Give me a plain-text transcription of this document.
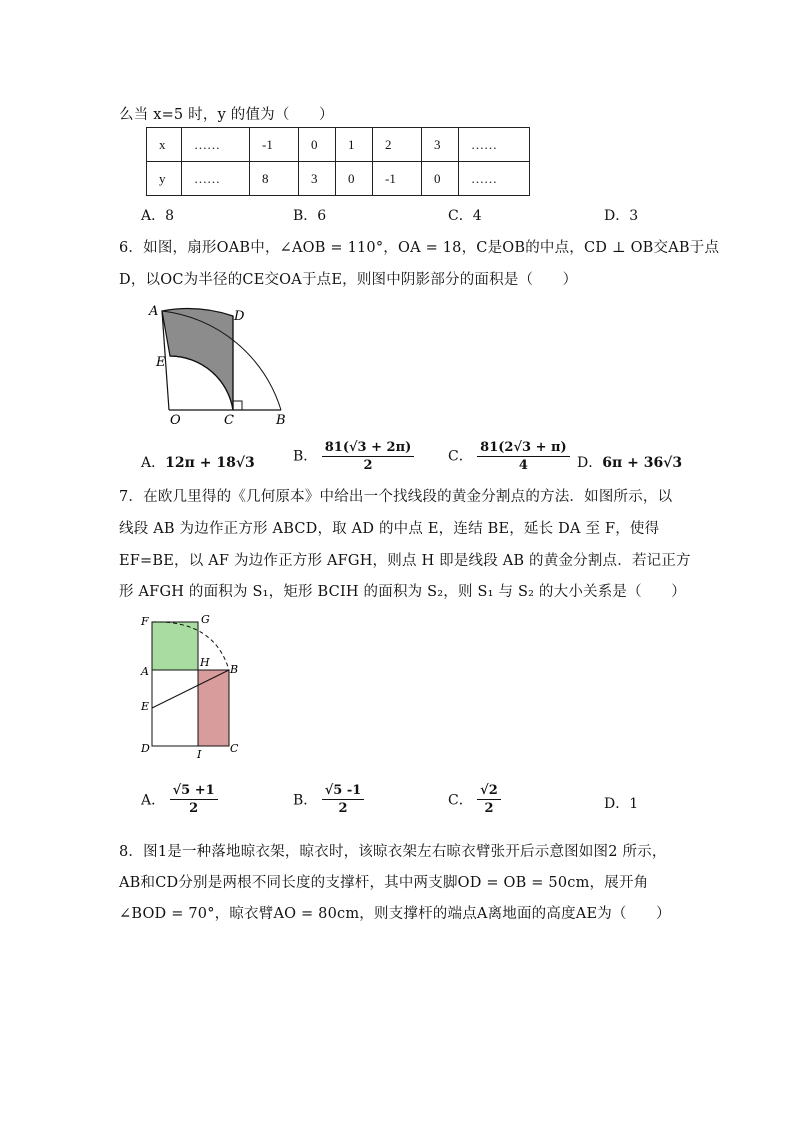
么当 x=5 时，y 的值为（　　）
x	……	-1	0	1	2	3	……
y	……	8	3	0	-1	0	……
A．8	B．6	C．4	D．3
6．如图，扇形OAB中，∠AOB = 110°，OA = 18，C是OB的中点，CD ⊥ OB交AB于点
D，以OC为半径的CE交OA于点E，则图中阴影部分的面积是（　　）
A	D
E
O	C	B
A．12π + 18√3	B． $\frac{81(√3 + 2\pi)}{2}$ C． $\frac{81(2√3 + \pi)}{4}$ D．6π + 36√3
7．在欧几里得的《几何原本》中给出一个找线段的黄金分割点的方法．如图所示，以
线段 AB 为边作正方形 ABCD，取 AD 的中点 E，连结 BE，延长 DA 至 F，使得
EF=BE，以 AF 为边作正方形 AFGH，则点 H 即是线段 AB 的黄金分割点．若记正方
形 AFGH 的面积为 S₁，矩形 BCIH 的面积为 S₂，则 S₁ 与 S₂ 的大小关系是（　　）
F	G
A
H
B
E
D	I	C
A． $\frac{√5 +1}{2}$	B． $\frac{√5 -1}{2}$	C． $\frac{√2}{2}$	D．1
8．图1是一种落地晾衣架，晾衣时，该晾衣架左右晾衣臂张开后示意图如图2 所示，
AB和CD分别是两根不同长度的支撑杆，其中两支脚OD = OB = 50cm，展开角
∠BOD = 70°，晾衣臂AO = 80cm，则支撑杆的端点A离地面的高度AE为（　　）
